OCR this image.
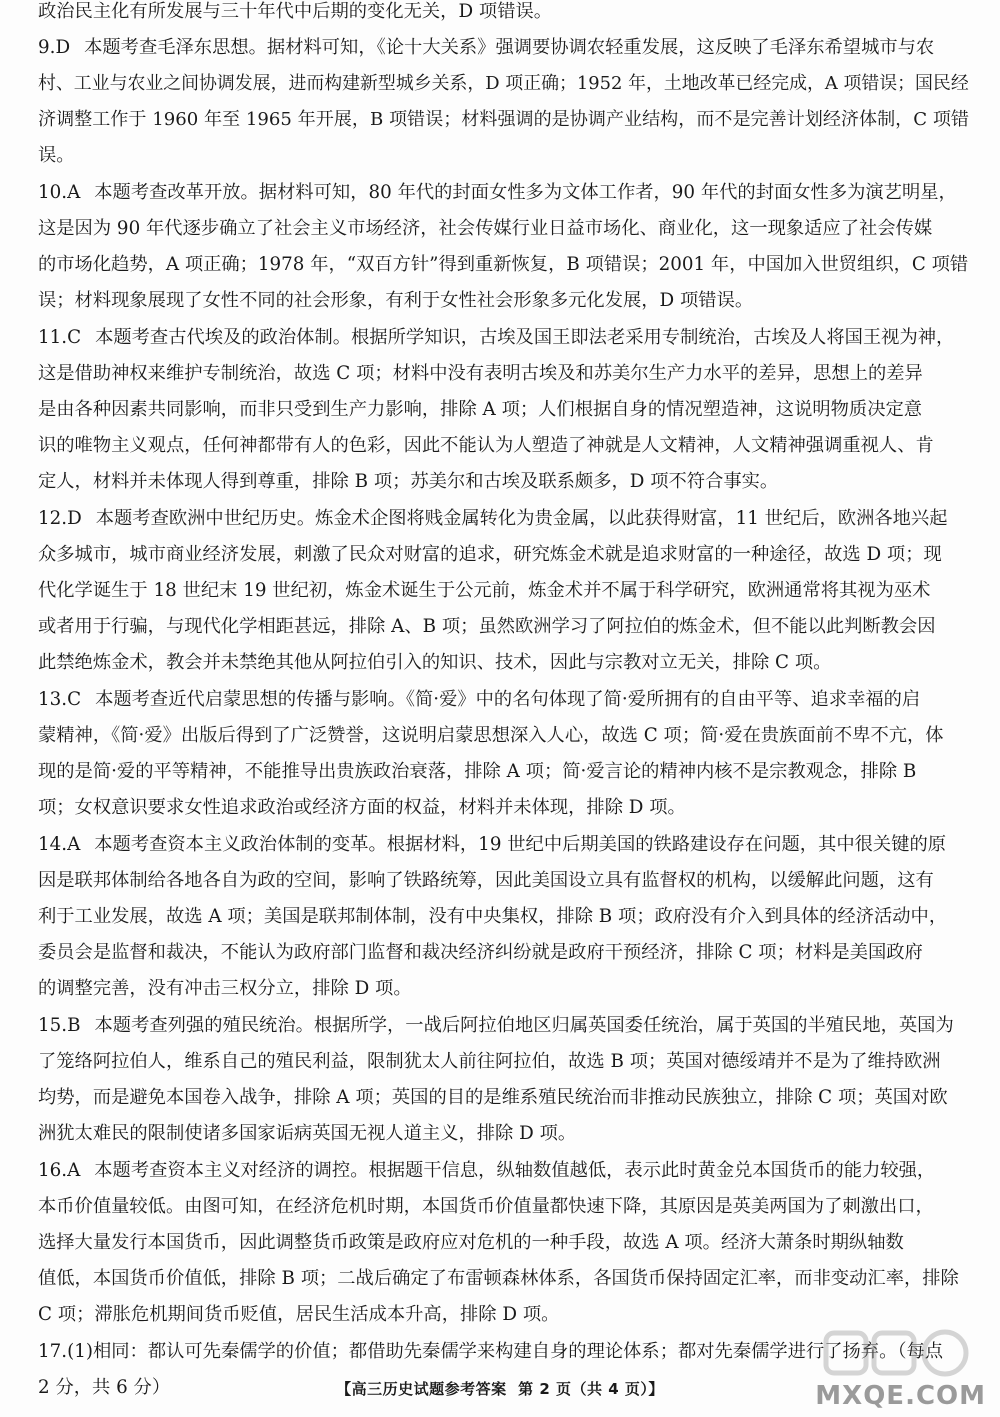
政治民主化有所发展与三十年代中后期的变化无关，D 项错误。

9.D 本题考查毛泽东思想。据材料可知，《论十大关系》强调要协调农轻重发展，这反映了毛泽东希望城市与农

村、工业与农业之间协调发展，进而构建新型城乡关系，D 项正确；1952 年，土地改革已经完成，A 项错误；国民经

济调整工作于 1960 年至 1965 年开展，B 项错误；材料强调的是协调产业结构，而不是完善计划经济体制，C 项错

误。

10.A 本题考查改革开放。据材料可知，80 年代的封面女性多为文体工作者，90 年代的封面女性多为演艺明星，

这是因为 90 年代逐步确立了社会主义市场经济，社会传媒行业日益市场化、商业化，这一现象适应了社会传媒

的市场化趋势，A 项正确；1978 年，“双百方针”得到重新恢复，B 项错误；2001 年，中国加入世贸组织，C 项错

误；材料现象展现了女性不同的社会形象，有利于女性社会形象多元化发展，D 项错误。

11.C 本题考查古代埃及的政治体制。根据所学知识，古埃及国王即法老采用专制统治，古埃及人将国王视为神，

这是借助神权来维护专制统治，故选 C 项；材料中没有表明古埃及和苏美尔生产力水平的差异，思想上的差异

是由各种因素共同影响，而非只受到生产力影响，排除 A 项；人们根据自身的情况塑造神，这说明物质决定意

识的唯物主义观点，任何神都带有人的色彩，因此不能认为人塑造了神就是人文精神，人文精神强调重视人、肯

定人，材料并未体现人得到尊重，排除 B 项；苏美尔和古埃及联系颇多，D 项不符合事实。

12.D 本题考查欧洲中世纪历史。炼金术企图将贱金属转化为贵金属，以此获得财富，11 世纪后，欧洲各地兴起

众多城市，城市商业经济发展，刺激了民众对财富的追求，研究炼金术就是追求财富的一种途径，故选 D 项；现

代化学诞生于 18 世纪末 19 世纪初，炼金术诞生于公元前，炼金术并不属于科学研究，欧洲通常将其视为巫术

或者用于行骗，与现代化学相距甚远，排除 A、B 项；虽然欧洲学习了阿拉伯的炼金术，但不能以此判断教会因

此禁绝炼金术，教会并未禁绝其他从阿拉伯引入的知识、技术，因此与宗教对立无关，排除 C 项。

13.C 本题考查近代启蒙思想的传播与影响。《简·爱》中的名句体现了简·爱所拥有的自由平等、追求幸福的启

蒙精神，《简·爱》出版后得到了广泛赞誉，这说明启蒙思想深入人心，故选 C 项；简·爱在贵族面前不卑不亢，体

现的是简·爱的平等精神，不能推导出贵族政治衰落，排除 A 项；简·爱言论的精神内核不是宗教观念，排除 B

项；女权意识要求女性追求政治或经济方面的权益，材料并未体现，排除 D 项。

14.A 本题考查资本主义政治体制的变革。根据材料，19 世纪中后期美国的铁路建设存在问题，其中很关键的原

因是联邦体制给各地各自为政的空间，影响了铁路统筹，因此美国设立具有监督权的机构，以缓解此问题，这有

利于工业发展，故选 A 项；美国是联邦制体制，没有中央集权，排除 B 项；政府没有介入到具体的经济活动中，

委员会是监督和裁决，不能认为政府部门监督和裁决经济纠纷就是政府干预经济，排除 C 项；材料是美国政府

的调整完善，没有冲击三权分立，排除 D 项。

15.B 本题考查列强的殖民统治。根据所学，一战后阿拉伯地区归属英国委任统治，属于英国的半殖民地，英国为

了笼络阿拉伯人，维系自己的殖民利益，限制犹太人前往阿拉伯，故选 B 项；英国对德绥靖并不是为了维持欧洲

均势，而是避免本国卷入战争，排除 A 项；英国的目的是维系殖民统治而非推动民族独立，排除 C 项；英国对欧

洲犹太难民的限制使诸多国家诟病英国无视人道主义，排除 D 项。

16.A 本题考查资本主义对经济的调控。根据题干信息，纵轴数值越低，表示此时黄金兑本国货币的能力较强，

本币价值量较低。由图可知，在经济危机时期，本国货币价值量都快速下降，其原因是英美两国为了刺激出口，

选择大量发行本国货币，因此调整货币政策是政府应对危机的一种手段，故选 A 项。经济大萧条时期纵轴数

值低，本国货币价值低，排除 B 项；二战后确定了布雷顿森林体系，各国货币保持固定汇率，而非变动汇率，排除

C 项；滞胀危机期间货币贬值，居民生活成本升高，排除 D 项。

17.(1)相同：都认可先秦儒学的价值；都借助先秦儒学来构建自身的理论体系；都对先秦儒学进行了扬弃。（每点

2 分，共 6 分）	【高三历史试题参考答案 第 2 页（共 4 页）】	MXQE.COM
